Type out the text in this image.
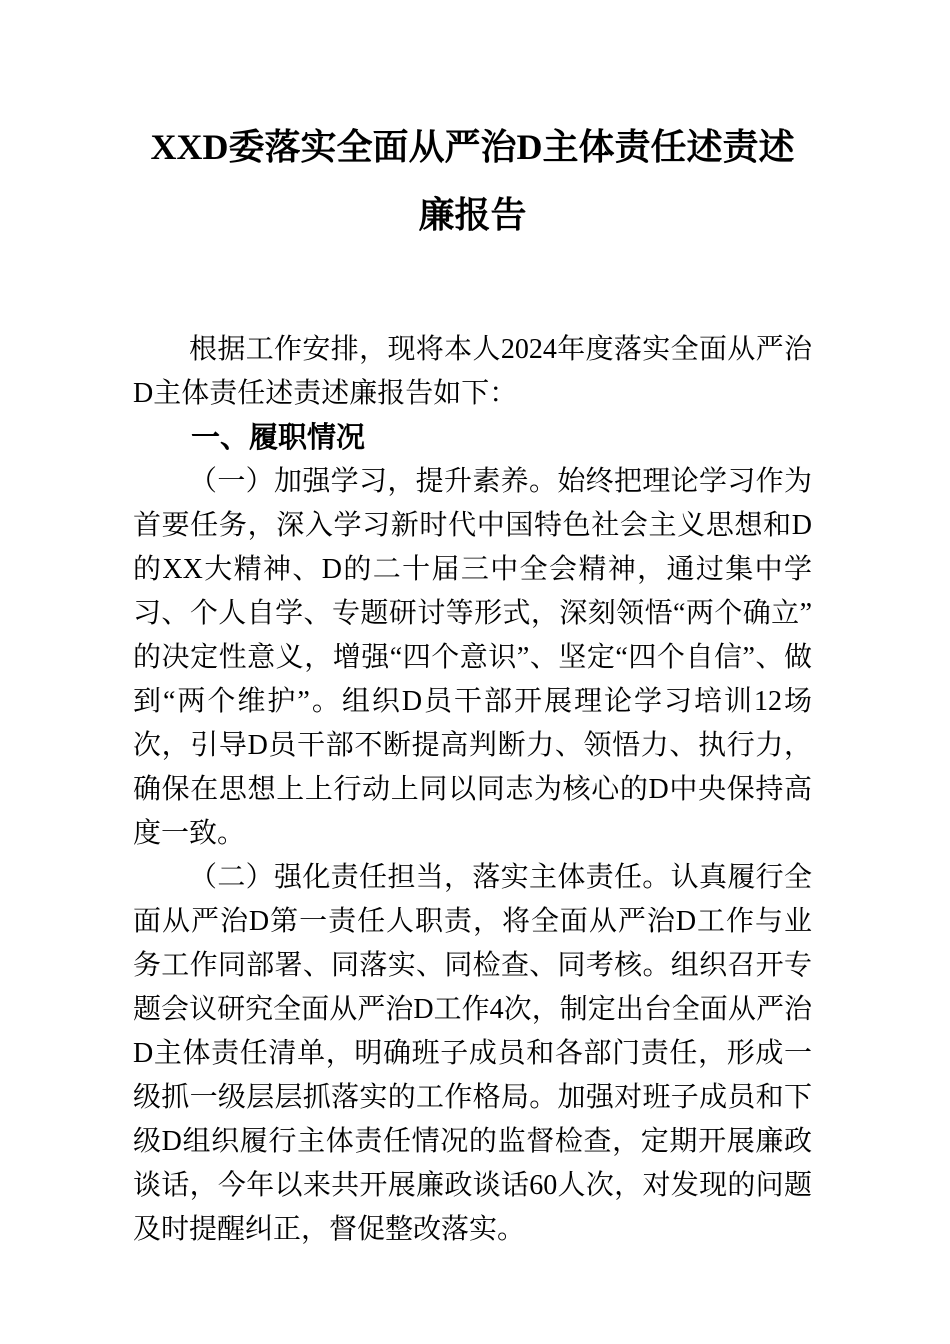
XXD委落实全面从严治D主体责任述责述廉报告

根据工作安排，现将本人2024年度落实全面从严治D主体责任述责述廉报告如下：

一、履职情况

（一）加强学习，提升素养。始终把理论学习作为首要任务，深入学习新时代中国特色社会主义思想和D的XX大精神、D的二十届三中全会精神，通过集中学习、个人自学、专题研讨等形式，深刻领悟“两个确立”的决定性意义，增强“四个意识”、坚定“四个自信”、做到“两个维护”。组织D员干部开展理论学习培训12场次，引导D员干部不断提高判断力、领悟力、执行力，确保在思想上上行动上同以同志为核心的D中央保持高度一致。

（二）强化责任担当，落实主体责任。认真履行全面从严治D第一责任人职责，将全面从严治D工作与业务工作同部署、同落实、同检查、同考核。组织召开专题会议研究全面从严治D工作4次，制定出台全面从严治D主体责任清单，明确班子成员和各部门责任，形成一级抓一级层层抓落实的工作格局。加强对班子成员和下级D组织履行主体责任情况的监督检查，定期开展廉政谈话，今年以来共开展廉政谈话60人次，对发现的问题及时提醒纠正，督促整改落实。
